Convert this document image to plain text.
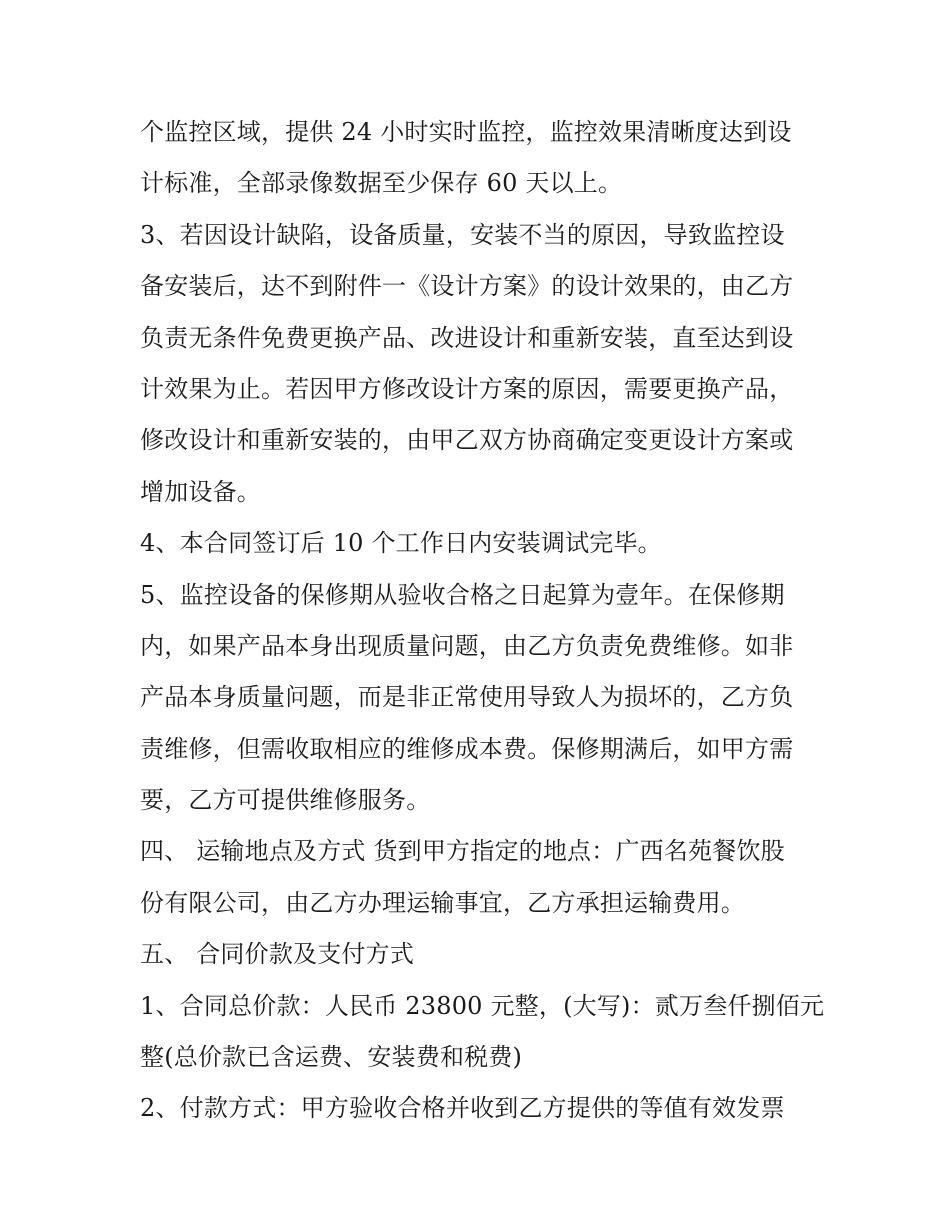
个监控区域，提供 24 小时实时监控，监控效果清晰度达到设
计标准，全部录像数据至少保存 60 天以上。
3、若因设计缺陷，设备质量，安装不当的原因，导致监控设
备安装后，达不到附件一《设计方案》的设计效果的，由乙方
负责无条件免费更换产品、改进设计和重新安装，直至达到设
计效果为止。若因甲方修改设计方案的原因，需要更换产品，
修改设计和重新安装的，由甲乙双方协商确定变更设计方案或
增加设备。
4、本合同签订后 10 个工作日内安装调试完毕。
5、监控设备的保修期从验收合格之日起算为壹年。在保修期
内，如果产品本身出现质量问题，由乙方负责免费维修。如非
产品本身质量问题，而是非正常使用导致人为损坏的，乙方负
责维修，但需收取相应的维修成本费。保修期满后，如甲方需
要，乙方可提供维修服务。
四、 运输地点及方式 货到甲方指定的地点：广西名苑餐饮股
份有限公司，由乙方办理运输事宜，乙方承担运输费用。
五、 合同价款及支付方式
1、合同总价款：人民币 23800 元整，(大写)：贰万叁仟捌佰元
整(总价款已含运费、安装费和税费)
2、付款方式：甲方验收合格并收到乙方提供的等值有效发票
